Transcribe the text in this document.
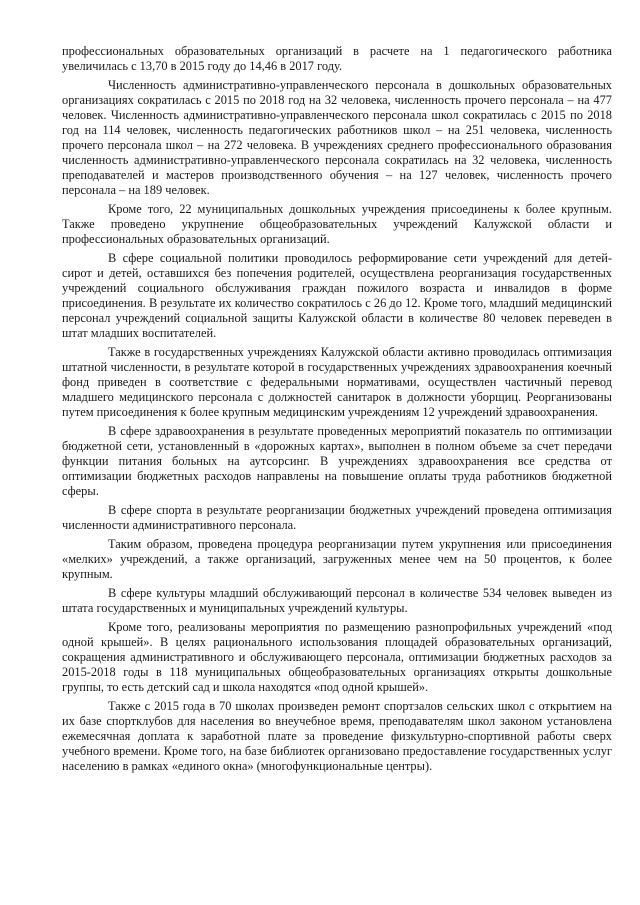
профессиональных образовательных организаций в расчете на 1 педагогического работника увеличилась с 13,70 в 2015 году до 14,46 в 2017 году.

Численность административно-управленческого персонала в дошкольных образовательных организациях сократилась с 2015 по 2018 год на 32 человека, численность прочего персонала – на 477 человек. Численность административно-управленческого персонала школ сократилась с 2015 по 2018 год на 114 человек, численность педагогических работников школ – на 251 человека, численность прочего персонала школ – на 272 человека. В учреждениях среднего профессионального образования численность административно-управленческого персонала сократилась на 32 человека, численность преподавателей и мастеров производственного обучения – на 127 человек, численность прочего персонала – на 189 человек.

Кроме того, 22 муниципальных дошкольных учреждения присоединены к более крупным. Также проведено укрупнение общеобразовательных учреждений Калужской области и профессиональных образовательных организаций.

В сфере социальной политики проводилось реформирование сети учреждений для детей-сирот и детей, оставшихся без попечения родителей, осуществлена реорганизация государственных учреждений социального обслуживания граждан пожилого возраста и инвалидов в форме присоединения. В результате их количество сократилось с 26 до 12. Кроме того, младший медицинский персонал учреждений социальной защиты Калужской области в количестве 80 человек переведен в штат младших воспитателей.

Также в государственных учреждениях Калужской области активно проводилась оптимизация штатной численности, в результате которой в государственных учреждениях здравоохранения коечный фонд приведен в соответствие с федеральными нормативами, осуществлен частичный перевод младшего медицинского персонала с должностей санитарок в должности уборщиц. Реорганизованы путем присоединения к более крупным медицинским учреждениям 12 учреждений здравоохранения.

В сфере здравоохранения в результате проведенных мероприятий показатель по оптимизации бюджетной сети, установленный в «дорожных картах», выполнен в полном объеме за счет передачи функции питания больных на аутсорсинг. В учреждениях здравоохранения все средства от оптимизации бюджетных расходов направлены на повышение оплаты труда работников бюджетной сферы.

В сфере спорта в результате реорганизации бюджетных учреждений проведена оптимизация численности административного персонала.

Таким образом, проведена процедура реорганизации путем укрупнения или присоединения «мелких» учреждений, а также организаций, загруженных менее чем на 50 процентов, к более крупным.

В сфере культуры младший обслуживающий персонал в количестве 534 человек выведен из штата государственных и муниципальных учреждений культуры.

Кроме того, реализованы мероприятия по размещению разнопрофильных учреждений «под одной крышей». В целях рационального использования площадей образовательных организаций, сокращения административного и обслуживающего персонала, оптимизации бюджетных расходов за 2015-2018 годы в 118 муниципальных общеобразовательных организациях открыты дошкольные группы, то есть детский сад и школа находятся «под одной крышей».

Также с 2015 года в 70 школах произведен ремонт спортзалов сельских школ с открытием на их базе спортклубов для населения во внеучебное время, преподавателям школ законом установлена ежемесячная доплата к заработной плате за проведение физкультурно-спортивной работы сверх учебного времени. Кроме того, на базе библиотек организовано предоставление государственных услуг населению в рамках «единого окна» (многофункциональные центры).
